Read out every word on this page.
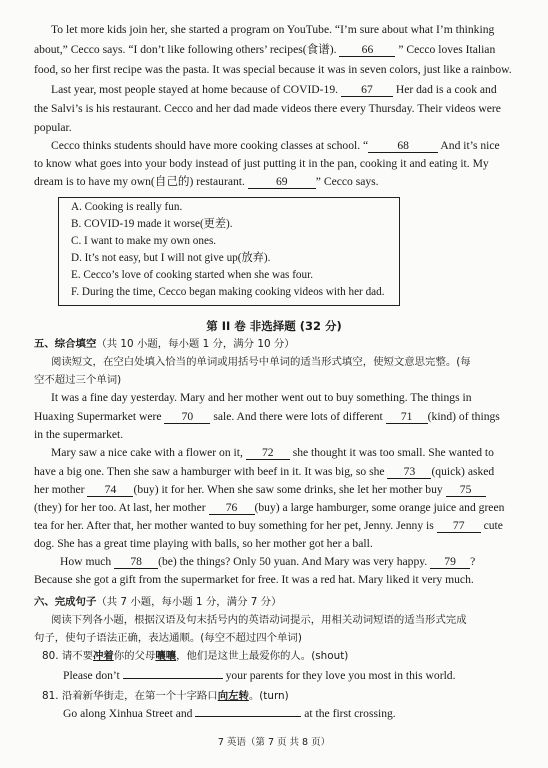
To let more kids join her, she started a program on YouTube. “I’m sure about what I’m thinking
about,” Cecco says. “I don’t like following others’ recipes(食谱). 66 ” Cecco loves Italian
food, so her first recipe was the pasta. It was special because it was in seven colors, just like a rainbow.
Last year, most people stayed at home because of COVID-19. 67 Her dad is a cook and
the Salvi’s is his restaurant. Cecco and her dad made videos there every Thursday. Their videos were
popular.
Cecco thinks students should have more cooking classes at school. “	68	And it’s nice
to know what goes into your body instead of just putting it in the pan, cooking it and eating it. My
dream is to have my own(自己的) restaurant.	69 ” Cecco says.
A. Cooking is really fun.
B. COVID-19 made it worse(更差).
C. I want to make my own ones.
D. It’s not easy, but I will not give up(放弃).
E. Cecco’s love of cooking started when she was four.
F. During the time, Cecco began making cooking videos with her dad.
第 II 卷 非选择题 (32 分)
五、综合填空（共 10 小题，每小题 1 分，满分 10 分）
阅读短文，在空白处填入恰当的单词或用括号中单词的适当形式填空，使短文意思完整。(每
空不超过三个单词)
It was a fine day yesterday. Mary and her mother went out to buy something. The things in
Huaxing Supermarket were 70 sale. And there were lots of different 71 (kind) of things
in the supermarket.
Mary saw a nice cake with a flower on it, 72 she thought it was too small. She wanted to
have a big one. Then she saw a hamburger with beef in it. It was big, so she 73 (quick) asked
her mother 74 (buy) it for her. When she saw some drinks, she let her mother buy 75
(they) for her too. At last, her mother 76 (buy) a large hamburger, some orange juice and green
tea for her. After that, her mother wanted to buy something for her pet, Jenny. Jenny is 77 cute
dog. She has a great time playing with balls, so her mother got her a ball.
How much 78 (be) the things? Only 50 yuan. And Mary was very happy. 79 ?
Because she got a gift from the supermarket for free. It was a red hat. Mary liked it very much.
六、完成句子（共 7 小题，每小题 1 分，满分 7 分）
阅读下列各小题，根据汉语及句末括号内的英语动词提示，用相关动词短语的适当形式完成
句子，使句子语法正确，表达通顺。(每空不超过四个单词)
80. 请不要冲着你的父母嚷嚷，他们是这世上最爱你的人。(shout)
Please don’t	your parents for they love you most in this world.
81. 沿着新华街走，在第一个十字路口向左转。(turn)
Go along Xinhua Street and	at the first crossing.
7 英语（第 7 页 共 8 页）
